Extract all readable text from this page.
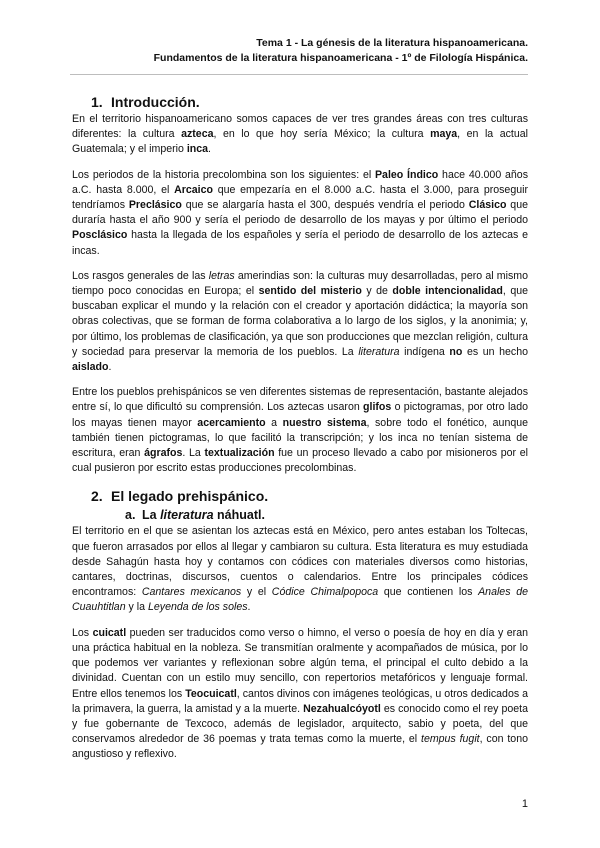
Tema 1 - La génesis de la literatura hispanoamericana.
Fundamentos de la literatura hispanoamericana - 1º de Filología Hispánica.
1. Introducción.

En el territorio hispanoamericano somos capaces de ver tres grandes áreas con tres culturas diferentes: la cultura azteca, en lo que hoy sería México; la cultura maya, en la actual Guatemala; y el imperio inca.

Los periodos de la historia precolombina son los siguientes: el Paleo Índico hace 40.000 años a.C. hasta 8.000, el Arcaico que empezaría en el 8.000 a.C. hasta el 3.000, para proseguir tendríamos Preclásico que se alargaría hasta el 300, después vendría el periodo Clásico que duraría hasta el año 900 y sería el periodo de desarrollo de los mayas y por último el periodo Posclásico hasta la llegada de los españoles y sería el periodo de desarrollo de los aztecas e incas.

Los rasgos generales de las letras amerindias son: la culturas muy desarrolladas, pero al mismo tiempo poco conocidas en Europa; el sentido del misterio y de doble intencionalidad, que buscaban explicar el mundo y la relación con el creador y aportación didáctica; la mayoría son obras colectivas, que se forman de forma colaborativa a lo largo de los siglos, y la anonimia; y, por último, los problemas de clasificación, ya que son producciones que mezclan religión, cultura y sociedad para preservar la memoria de los pueblos. La literatura indígena no es un hecho aislado.

Entre los pueblos prehispánicos se ven diferentes sistemas de representación, bastante alejados entre sí, lo que dificultó su comprensión. Los aztecas usaron glifos o pictogramas, por otro lado los mayas tienen mayor acercamiento a nuestro sistema, sobre todo el fonético, aunque también tienen pictogramas, lo que facilitó la transcripción; y los inca no tenían sistema de escritura, eran ágrafos. La textualización fue un proceso llevado a cabo por misioneros por el cual pusieron por escrito estas producciones precolombinas.

2. El legado prehispánico.
a. La literatura náhuatl.

El territorio en el que se asientan los aztecas está en México, pero antes estaban los Toltecas, que fueron arrasados por ellos al llegar y cambiaron su cultura. Esta literatura es muy estudiada desde Sahagún hasta hoy y contamos con códices con materiales diversos como historias, cantares, doctrinas, discursos, cuentos o calendarios. Entre los principales códices encontramos: Cantares mexicanos y el Códice Chimalpopoca que contienen los Anales de Cuauhtitlan y la Leyenda de los soles.

Los cuicatl pueden ser traducidos como verso o himno, el verso o poesía de hoy en día y eran una práctica habitual en la nobleza. Se transmitían oralmente y acompañados de música, por lo que podemos ver variantes y reflexionan sobre algún tema, el principal el culto debido a la divinidad. Cuentan con un estilo muy sencillo, con repertorios metafóricos y lenguaje formal. Entre ellos tenemos los Teocuicatl, cantos divinos con imágenes teológicas, u otros dedicados a la primavera, la guerra, la amistad y a la muerte. Nezahualcóyotl es conocido como el rey poeta y fue gobernante de Texcoco, además de legislador, arquitecto, sabio y poeta, del que conservamos alrededor de 36 poemas y trata temas como la muerte, el tempus fugit, con tono angustioso y reflexivo.

1
